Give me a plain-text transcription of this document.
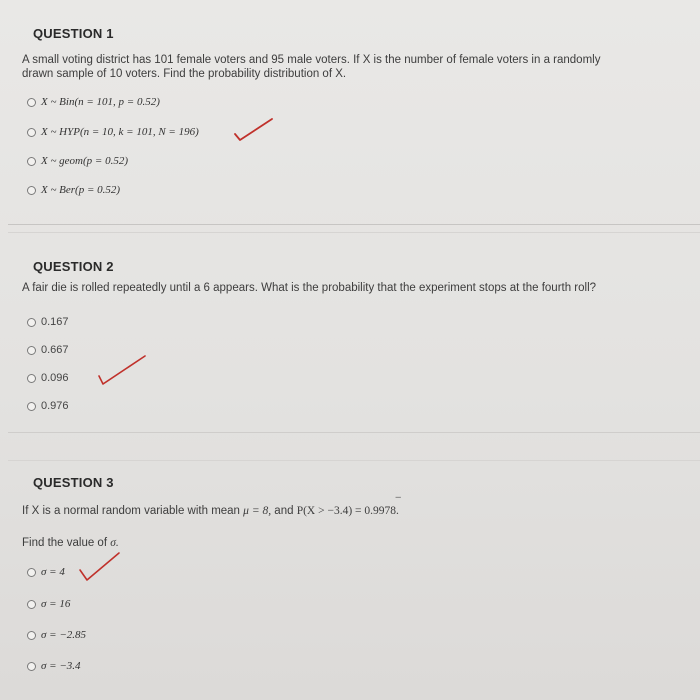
QUESTION 1
A small voting district has 101 female voters and 95 male voters. If X is the number of female voters in a randomly
drawn sample of 10 voters. Find the probability distribution of X.
X ~ Bin(n = 101, p = 0.52)
X ~ HYP(n = 10, k = 101, N = 196)
X ~ geom(p = 0.52)
X ~ Ber(p = 0.52)
QUESTION 2
A fair die is rolled repeatedly until a 6 appears. What is the probability that the experiment stops at the fourth roll?
0.167
0.667
0.096
0.976
QUESTION 3
If X is a normal random variable with mean μ = 8, and P(X > −3.4) = 0.9978.
−
Find the value of σ.
σ = 4
σ = 16
σ = −2.85
σ = −3.4
